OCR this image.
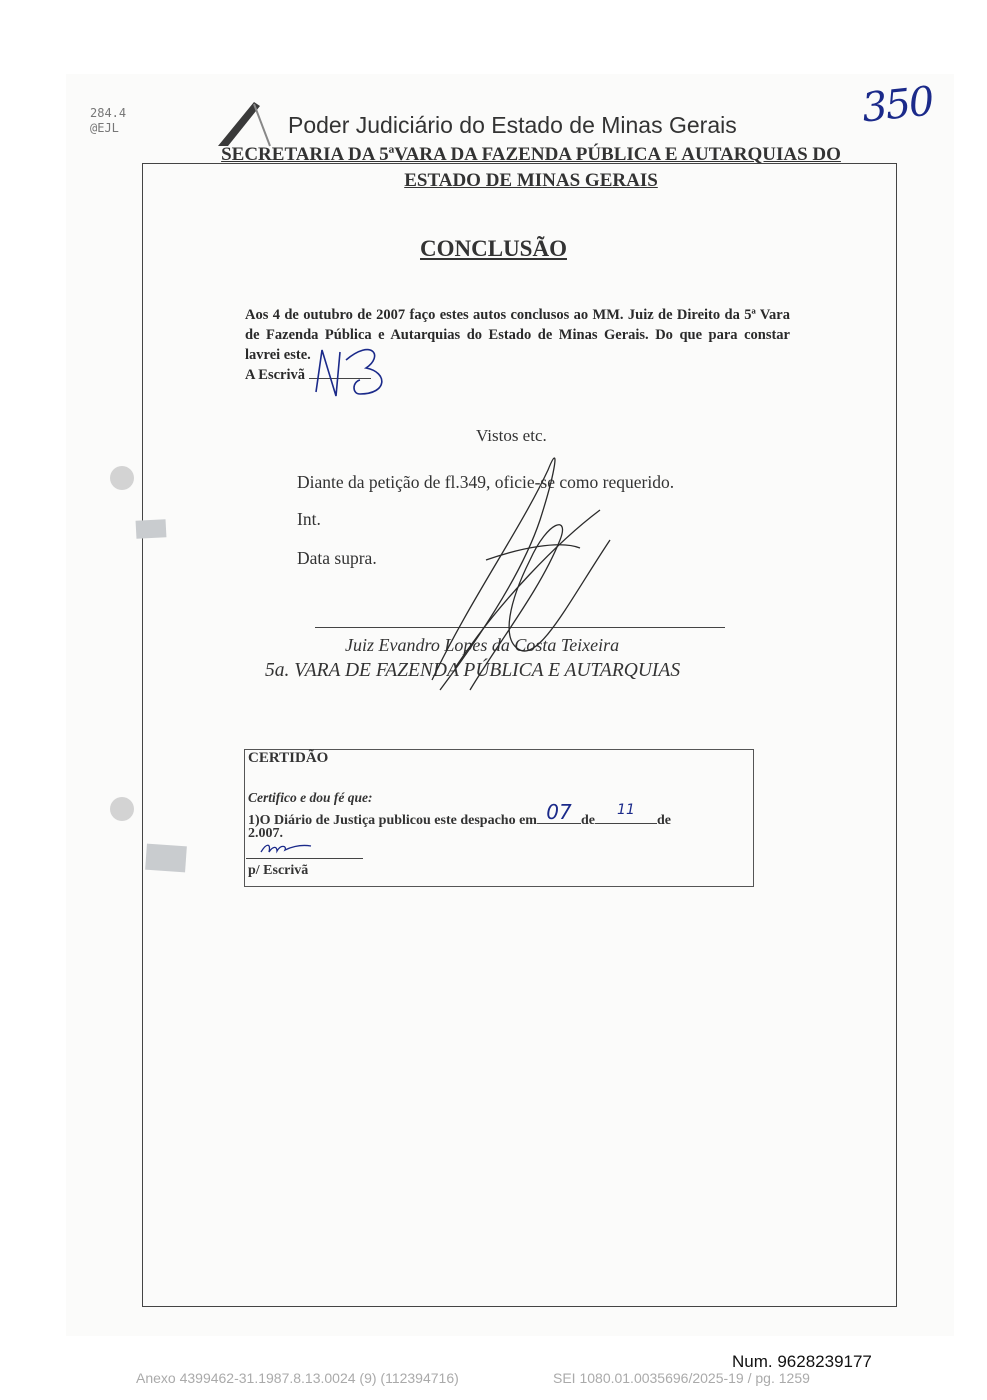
284.4
@EJL	Poder Judiciário do Estado de Minas Gerais	350
SECRETARIA DA 5ªVARA DA FAZENDA PÚBLICA E AUTARQUIAS DO
ESTADO DE MINAS GERAIS
CONCLUSÃO
Aos 4 de outubro de 2007 faço estes autos conclusos ao MM. Juiz de Direito da 5ª Vara de Fazenda Pública e Autarquias do Estado de Minas Gerais. Do que para constar lavrei este.
A Escrivã
Vistos etc.
Diante da petição de fl.349, oficie-se como requerido.
Int.
Data supra.
Juiz Evandro Lopes da Costa Teixeira
5a. VARA DE FAZENDA PÚBLICA E AUTARQUIAS
CERTIDÃO
Certifico e dou fé que:
1)O Diário de Justiça publicou este despacho em 07 de
11
de
2.007.
p/ Escrivã
Num. 9628239177
Anexo 4399462-31.1987.8.13.0024 (9) (112394716)	SEI 1080.01.0035696/2025-19 / pg. 1259
